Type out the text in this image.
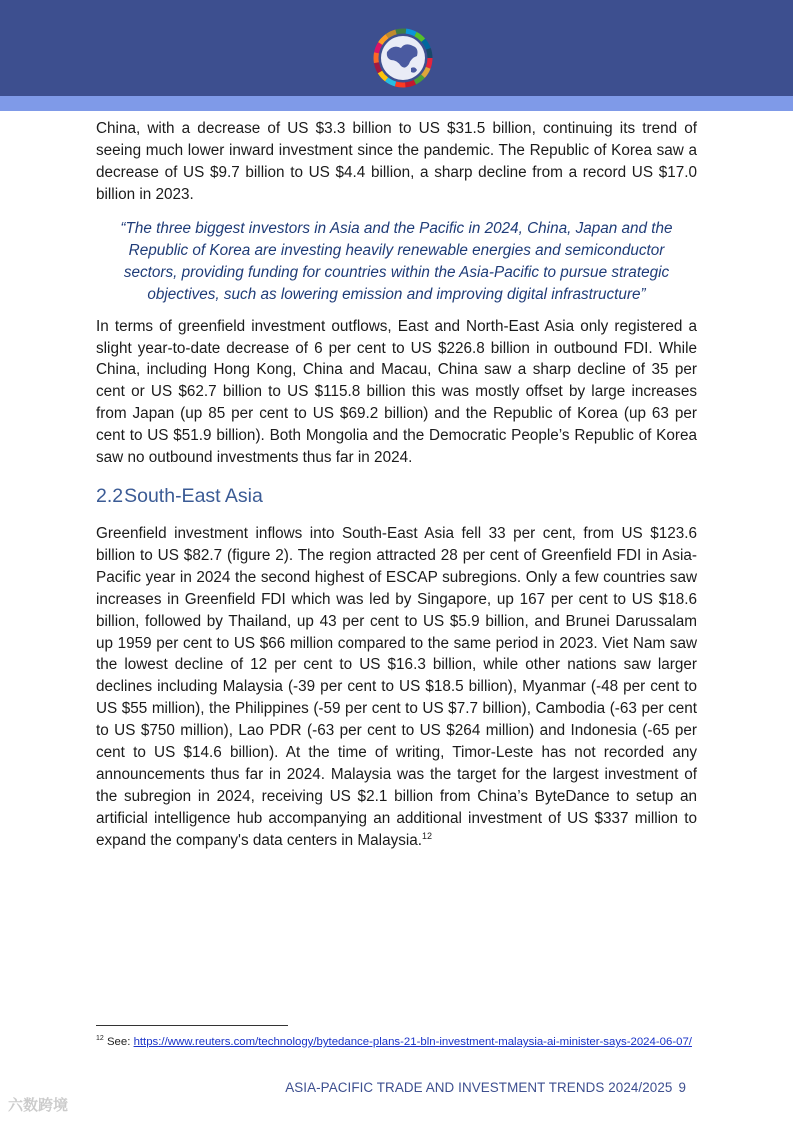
China, with a decrease of US $3.3 billion to US $31.5 billion, continuing its trend of seeing much lower inward investment since the pandemic. The Republic of Korea saw a decrease of US $9.7 billion to US $4.4 billion, a sharp decline from a record US $17.0 billion in 2023.

“The three biggest investors in Asia and the Pacific in 2024, China, Japan and the Republic of Korea are investing heavily renewable energies and semiconductor sectors, providing funding for countries within the Asia-Pacific to pursue strategic objectives, such as lowering emission and improving digital infrastructure”

In terms of greenfield investment outflows, East and North-East Asia only registered a slight year-to-date decrease of 6 per cent to US $226.8 billion in outbound FDI. While China, including Hong Kong, China and Macau, China saw a sharp decline of 35 per cent or US $62.7 billion to US $115.8 billion this was mostly offset by large increases from Japan (up 85 per cent to US $69.2 billion) and the Republic of Korea (up 63 per cent to US $51.9 billion). Both Mongolia and the Democratic People’s Republic of Korea saw no outbound investments thus far in 2024.

2.2South-East Asia

Greenfield investment inflows into South-East Asia fell 33 per cent, from US $123.6 billion to US $82.7 (figure 2). The region attracted 28 per cent of Greenfield FDI in Asia-Pacific year in 2024 the second highest of ESCAP subregions. Only a few countries saw increases in Greenfield FDI which was led by Singapore, up 167 per cent to US $18.6 billion, followed by Thailand, up 43 per cent to US $5.9 billion, and Brunei Darussalam up 1959 per cent to US $66 million compared to the same period in 2023. Viet Nam saw the lowest decline of 12 per cent to US $16.3 billion, while other nations saw larger declines including Malaysia (-39 per cent to US $18.5 billion), Myanmar (-48 per cent to US $55 million), the Philippines (-59 per cent to US $7.7 billion), Cambodia (-63 per cent to US $750 million), Lao PDR (-63 per cent to US $264 million) and Indonesia (-65 per cent to US $14.6 billion). At the time of writing, Timor-Leste has not recorded any announcements thus far in 2024. Malaysia was the target for the largest investment of the subregion in 2024, receiving US $2.1 billion from China’s ByteDance to setup an artificial intelligence hub accompanying an additional investment of US $337 million to expand the company's data centers in Malaysia.$^{12}$

$^{12}$ See: https://www.reuters.com/technology/bytedance-plans-21-bln-investment-malaysia-ai-minister-says-2024-06-07/
ASIA-PACIFIC TRADE AND INVESTMENT TRENDS 2024/2025 9
六数跨境
